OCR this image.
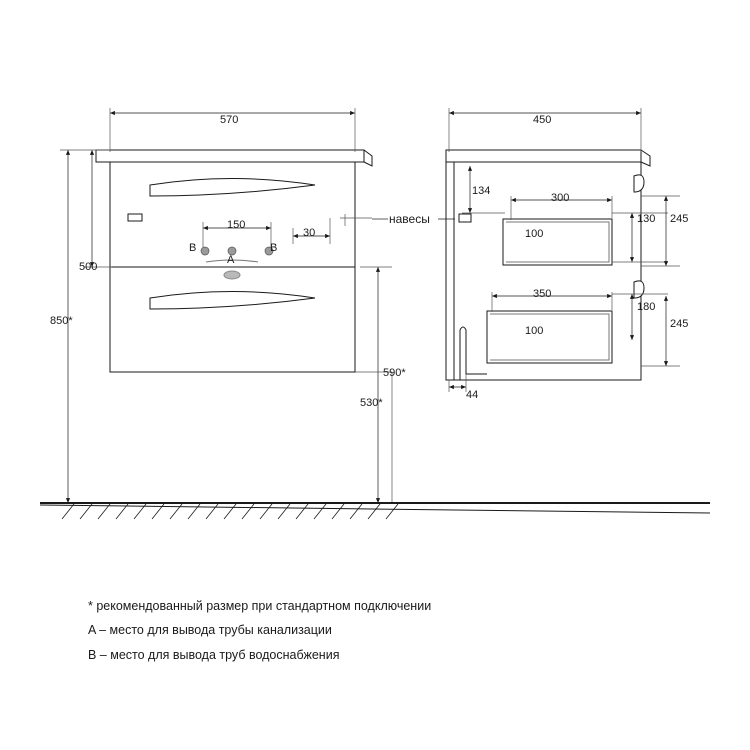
570
850*
500
150
30
A
B	B
навесы
590*
530*
450
134
300
100
130 245
350
100
180
245
44
* рекомендованный размер при стандартном подключении
A – место для вывода трубы канализации
B – место для вывода труб водоснабжения
